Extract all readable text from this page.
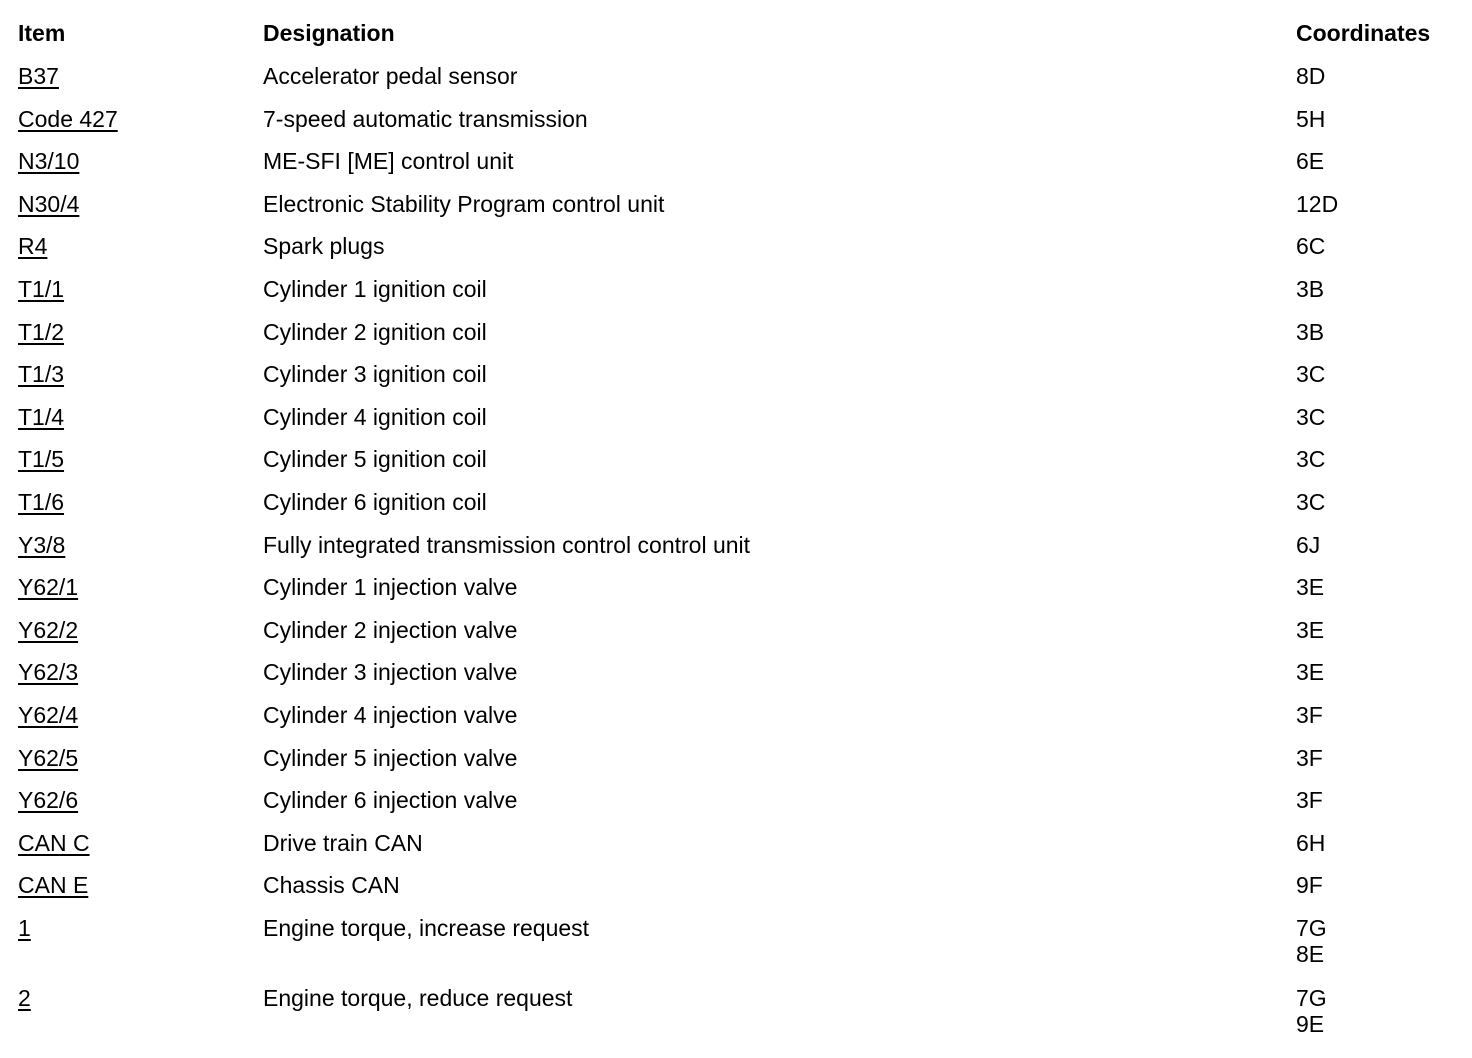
Item	Designation	Coordinates
B37	Accelerator pedal sensor	8D
Code 427	7-speed automatic transmission	5H
N3/10	ME-SFI [ME] control unit	6E
N30/4	Electronic Stability Program control unit	12D
R4	Spark plugs	6C
T1/1	Cylinder 1 ignition coil	3B
T1/2	Cylinder 2 ignition coil	3B
T1/3	Cylinder 3 ignition coil	3C
T1/4	Cylinder 4 ignition coil	3C
T1/5	Cylinder 5 ignition coil	3C
T1/6	Cylinder 6 ignition coil	3C
Y3/8	Fully integrated transmission control control unit	6J
Y62/1	Cylinder 1 injection valve	3E
Y62/2	Cylinder 2 injection valve	3E
Y62/3	Cylinder 3 injection valve	3E
Y62/4	Cylinder 4 injection valve	3F
Y62/5	Cylinder 5 injection valve	3F
Y62/6	Cylinder 6 injection valve	3F
CAN C	Drive train CAN	6H
CAN E	Chassis CAN	9F
1	Engine torque, increase request	7G
8E
2	Engine torque, reduce request	7G
9E
